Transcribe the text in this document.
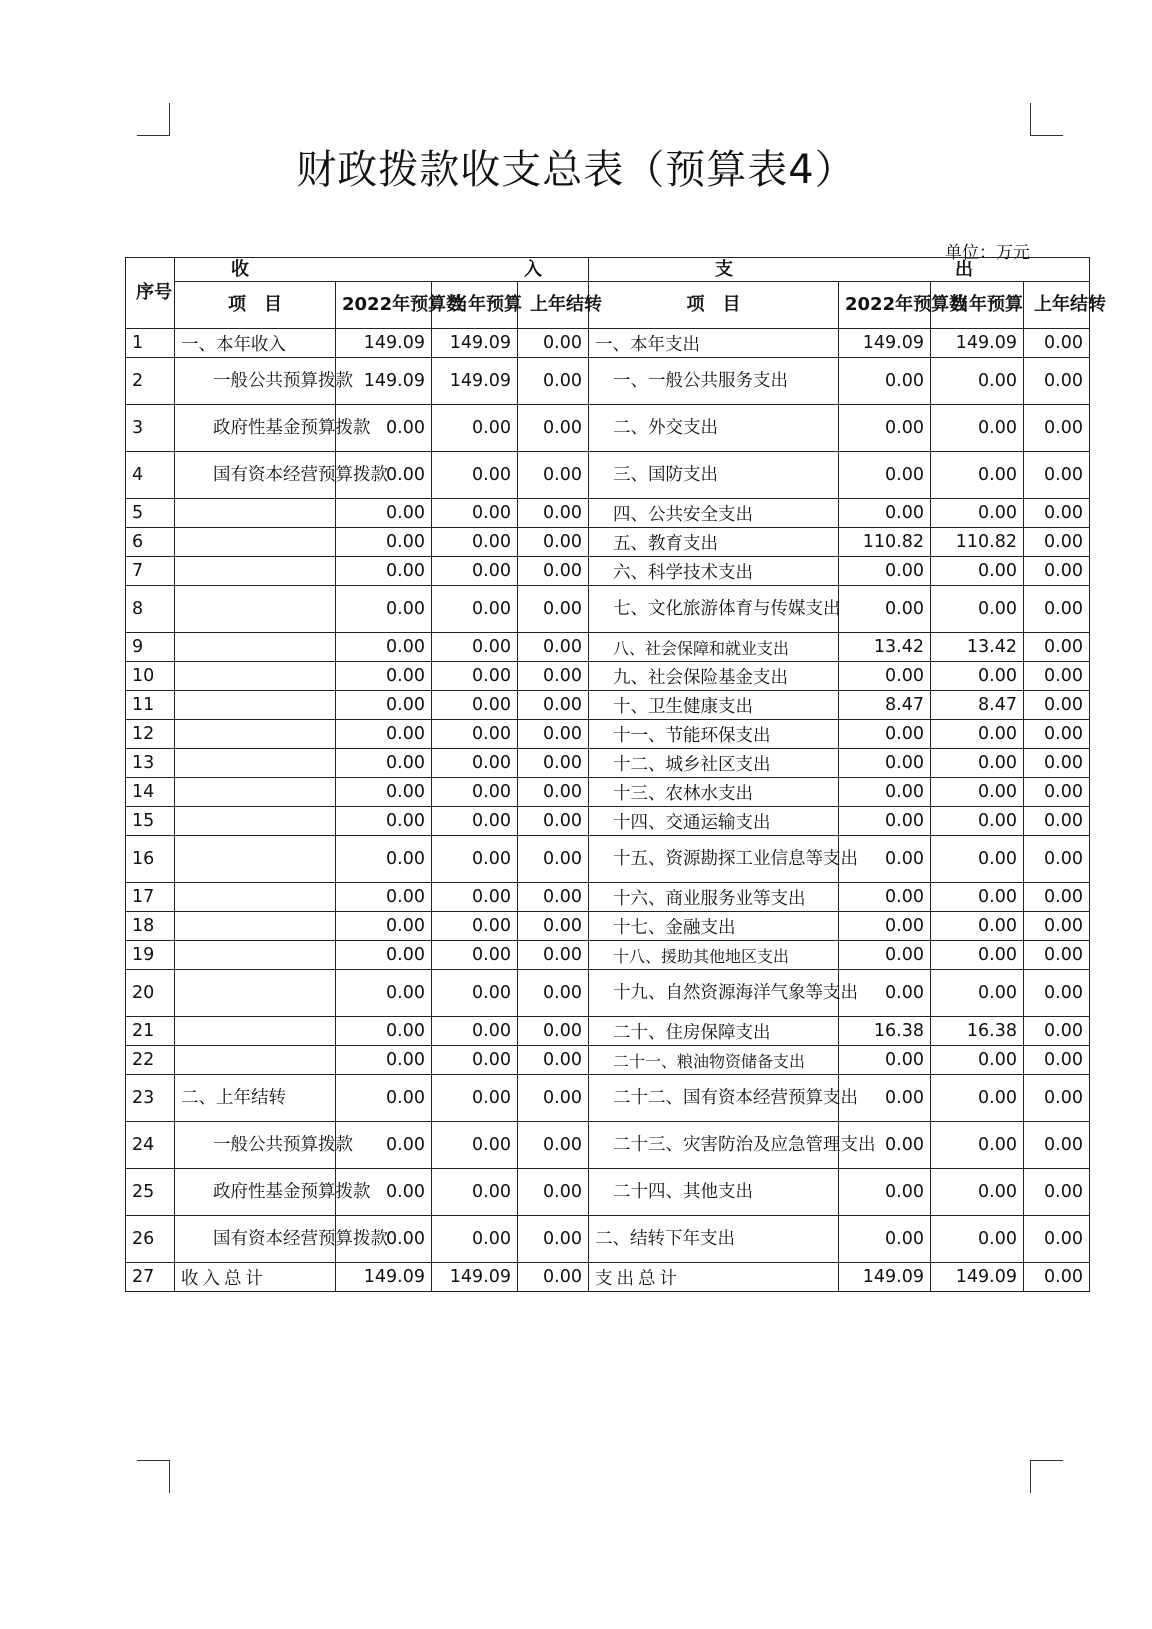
财政拨款收支总表（预算表4）
单位：万元
序号	收 入				支 出			

	项　目	2022年预算数	当年预算	上年结转	项　目	2022年预算数	当年预算	上年结转
1	一、本年收入	149.09	149.09	0.00	一、本年支出	149.09	149.09	0.00
2	一般公共预算拨款	149.09	149.09	0.00	一、一般公共服务支出	0.00	0.00	0.00
3	政府性基金预算拨款	0.00	0.00	0.00	二、外交支出	0.00	0.00	0.00
4	国有资本经营预算拨款	0.00	0.00	0.00	三、国防支出	0.00	0.00	0.00
5		0.00	0.00	0.00	四、公共安全支出	0.00	0.00	0.00
6		0.00	0.00	0.00	五、教育支出	110.82	110.82	0.00
7		0.00	0.00	0.00	六、科学技术支出	0.00	0.00	0.00
8		0.00	0.00	0.00	七、文化旅游体育与传媒支出	0.00	0.00	0.00
9		0.00	0.00	0.00	八、社会保障和就业支出	13.42	13.42	0.00
10		0.00	0.00	0.00	九、社会保险基金支出	0.00	0.00	0.00
11		0.00	0.00	0.00	十、卫生健康支出	8.47	8.47	0.00
12		0.00	0.00	0.00	十一、节能环保支出	0.00	0.00	0.00
13		0.00	0.00	0.00	十二、城乡社区支出	0.00	0.00	0.00
14		0.00	0.00	0.00	十三、农林水支出	0.00	0.00	0.00
15		0.00	0.00	0.00	十四、交通运输支出	0.00	0.00	0.00
16		0.00	0.00	0.00	十五、资源勘探工业信息等支出	0.00	0.00	0.00
17		0.00	0.00	0.00	十六、商业服务业等支出	0.00	0.00	0.00
18		0.00	0.00	0.00	十七、金融支出	0.00	0.00	0.00
19		0.00	0.00	0.00	十八、援助其他地区支出	0.00	0.00	0.00
20		0.00	0.00	0.00	十九、自然资源海洋气象等支出	0.00	0.00	0.00
21		0.00	0.00	0.00	二十、住房保障支出	16.38	16.38	0.00
22		0.00	0.00	0.00	二十一、粮油物资储备支出	0.00	0.00	0.00
23	二、上年结转	0.00	0.00	0.00	二十二、国有资本经营预算支出	0.00	0.00	0.00
24	一般公共预算拨款	0.00	0.00	0.00	二十三、灾害防治及应急管理支出	0.00	0.00	0.00
25	政府性基金预算拨款	0.00	0.00	0.00	二十四、其他支出	0.00	0.00	0.00
26	国有资本经营预算拨款	0.00	0.00	0.00	二、结转下年支出	0.00	0.00	0.00
27	收入总计	149.09	149.09	0.00	支出总计	149.09	149.09	0.00
